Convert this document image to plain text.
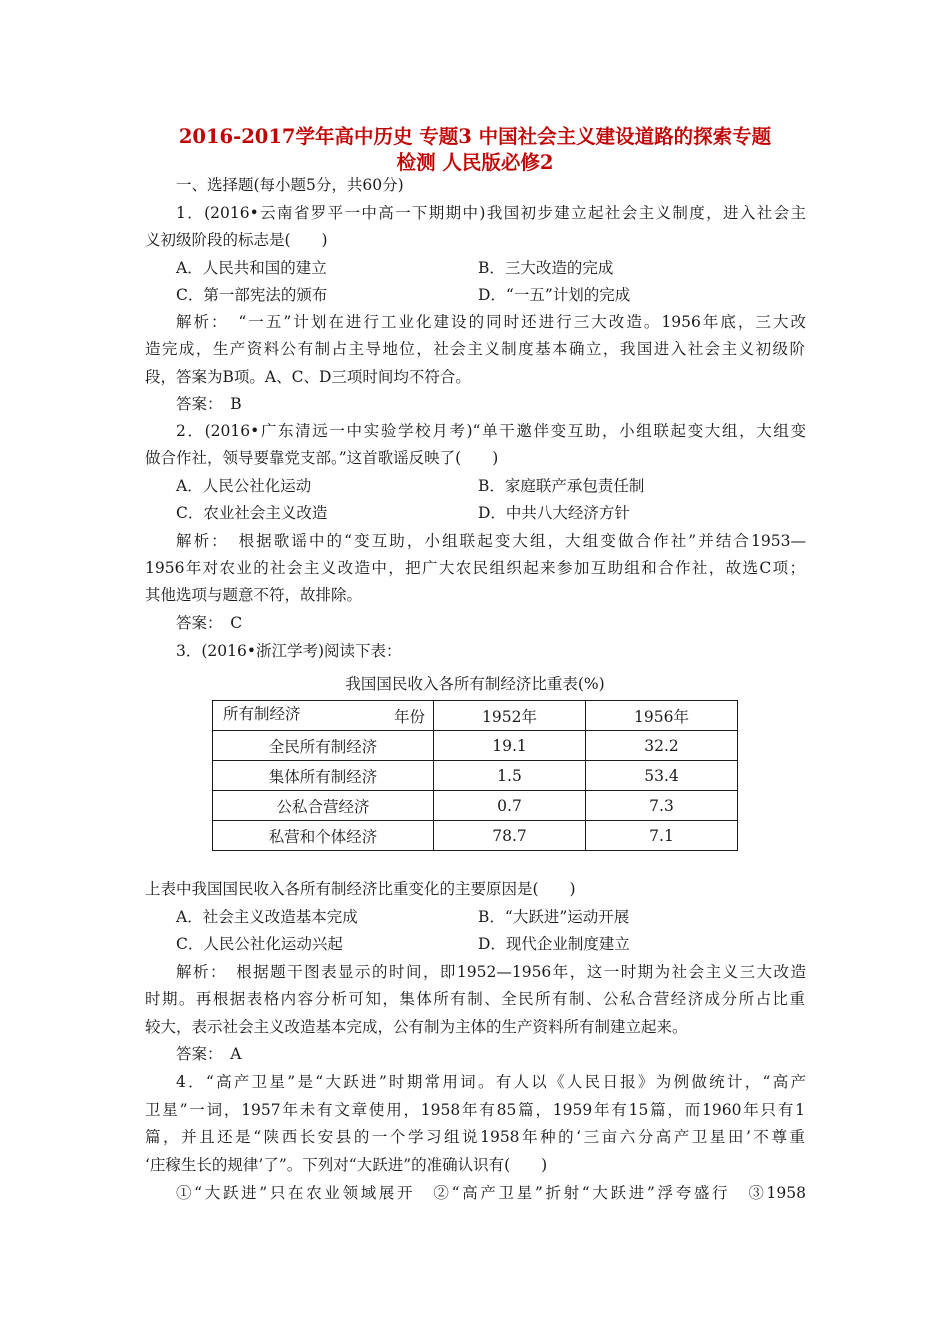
2016-2017学年高中历史 专题3 中国社会主义建设道路的探索专题
检测 人民版必修2
一、选择题(每小题5分，共60分)
1．(2016•云南省罗平一中高一下期期中)我国初步建立起社会主义制度，进入社会主
义初级阶段的标志是(　　)
A．人民共和国的建立	B．三大改造的完成
C．第一部宪法的颁布	D．“一五”计划的完成
解析：　“一五”计划在进行工业化建设的同时还进行三大改造。1956年底，三大改
造完成，生产资料公有制占主导地位，社会主义制度基本确立，我国进入社会主义初级阶
段，答案为B项。A、C、D三项时间均不符合。
答案：　B
2．(2016•广东清远一中实验学校月考)“单干邀伴变互助，小组联起变大组，大组变
做合作社，领导要靠党支部。”这首歌谣反映了(　　)
A．人民公社化运动	B．家庭联产承包责任制
C．农业社会主义改造	D．中共八大经济方针
解析：　根据歌谣中的“变互助，小组联起变大组，大组变做合作社”并结合1953—
1956年对农业的社会主义改造中，把广大农民组织起来参加互助组和合作社，故选C项；
其他选项与题意不符，故排除。
答案：　C
3．(2016•浙江学考)阅读下表：
我国国民收入各所有制经济比重表(%)
年份
所有制经济	1952年	1956年
全民所有制经济	19.1	32.2
集体所有制经济	1.5	53.4
公私合营经济	0.7	7.3
私营和个体经济	78.7	7.1
上表中我国国民收入各所有制经济比重变化的主要原因是(　　)
A．社会主义改造基本完成	B．“大跃进”运动开展
C．人民公社化运动兴起	D．现代企业制度建立
解析：　根据题干图表显示的时间，即1952—1956年，这一时期为社会主义三大改造
时期。再根据表格内容分析可知，集体所有制、全民所有制、公私合营经济成分所占比重
较大，表示社会主义改造基本完成，公有制为主体的生产资料所有制建立起来。
答案：　A
4．“高产卫星”是“大跃进”时期常用词。有人以《人民日报》为例做统计，“高产
卫星”一词，1957年未有文章使用，1958年有85篇，1959年有15篇，而1960年只有1
篇，并且还是“陕西长安县的一个学习组说1958年种的‘三亩六分高产卫星田’不尊重
‘庄稼生长的规律’了”。下列对“大跃进”的准确认识有(　　)
①“大跃进”只在农业领域展开　②“高产卫星”折射“大跃进”浮夸盛行　③1958
